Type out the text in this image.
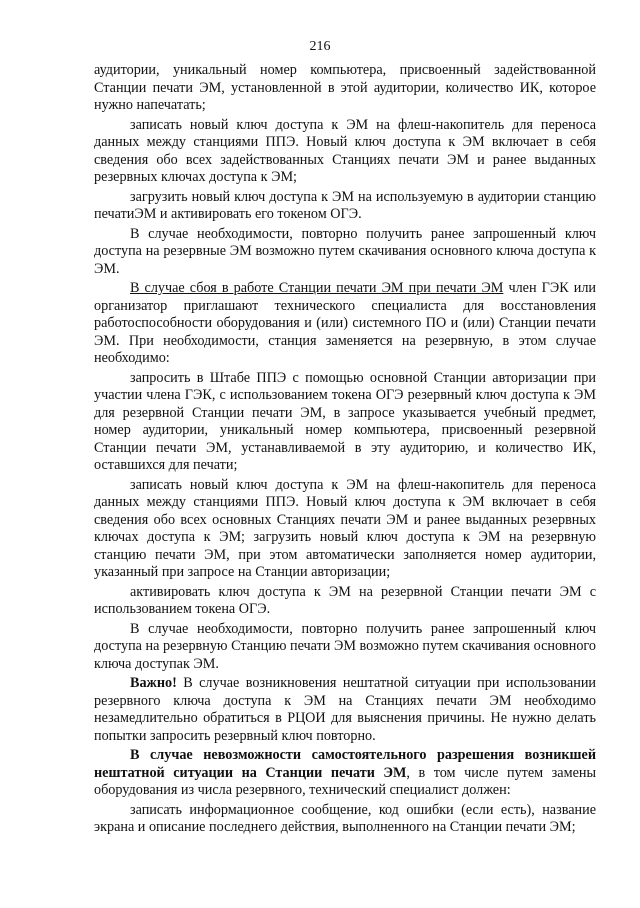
216

аудитории, уникальный номер компьютера, присвоенный задействованной Станции печати ЭМ, установленной в этой аудитории, количество ИК, которое нужно напечатать;

записать новый ключ доступа к ЭМ на флеш-накопитель для переноса данных между станциями ППЭ. Новый ключ доступа к ЭМ включает в себя сведения обо всех задействованных Станциях печати ЭМ и ранее выданных резервных ключах доступа к ЭМ;

загрузить новый ключ доступа к ЭМ на используемую в аудитории станцию печатиЭМ и активировать его токеном ОГЭ.

В случае необходимости, повторно получить ранее запрошенный ключ доступа на резервные ЭМ возможно путем скачивания основного ключа доступа к ЭМ.

В случае сбоя в работе Станции печати ЭМ при печати ЭМ член ГЭК или организатор приглашают технического специалиста для восстановления работоспособности оборудования и (или) системного ПО и (или) Станции печати ЭМ. При необходимости, станция заменяется на резервную, в этом случае необходимо:

запросить в Штабе ППЭ с помощью основной Станции авторизации при участии члена ГЭК, с использованием токена ОГЭ резервный ключ доступа к ЭМ для резервной Станции печати ЭМ, в запросе указывается учебный предмет, номер аудитории, уникальный номер компьютера, присвоенный резервной Станции печати ЭМ, устанавливаемой в эту аудиторию, и количество ИК, оставшихся для печати;

записать новый ключ доступа к ЭМ на флеш-накопитель для переноса данных между станциями ППЭ. Новый ключ доступа к ЭМ включает в себя сведения обо всех основных Станциях печати ЭМ и ранее выданных резервных ключах доступа к ЭМ; загрузить новый ключ доступа к ЭМ на резервную станцию печати ЭМ, при этом автоматически заполняется номер аудитории, указанный при запросе на Станции авторизации;

активировать ключ доступа к ЭМ на резервной Станции печати ЭМ с использованием токена ОГЭ.

В случае необходимости, повторно получить ранее запрошенный ключ доступа на резервную Станцию печати ЭМ возможно путем скачивания основного ключа доступак ЭМ.

Важно! В случае возникновения нештатной ситуации при использовании резервного ключа доступа к ЭМ на Станциях печати ЭМ необходимо незамедлительно обратиться в РЦОИ для выяснения причины. Не нужно делать попытки запросить резервный ключ повторно.

В случае невозможности самостоятельного разрешения возникшей нештатной ситуации на Станции печати ЭМ, в том числе путем замены оборудования из числа резервного, технический специалист должен:

записать информационное сообщение, код ошибки (если есть), название экрана и описание последнего действия, выполненного на Станции печати ЭМ;
